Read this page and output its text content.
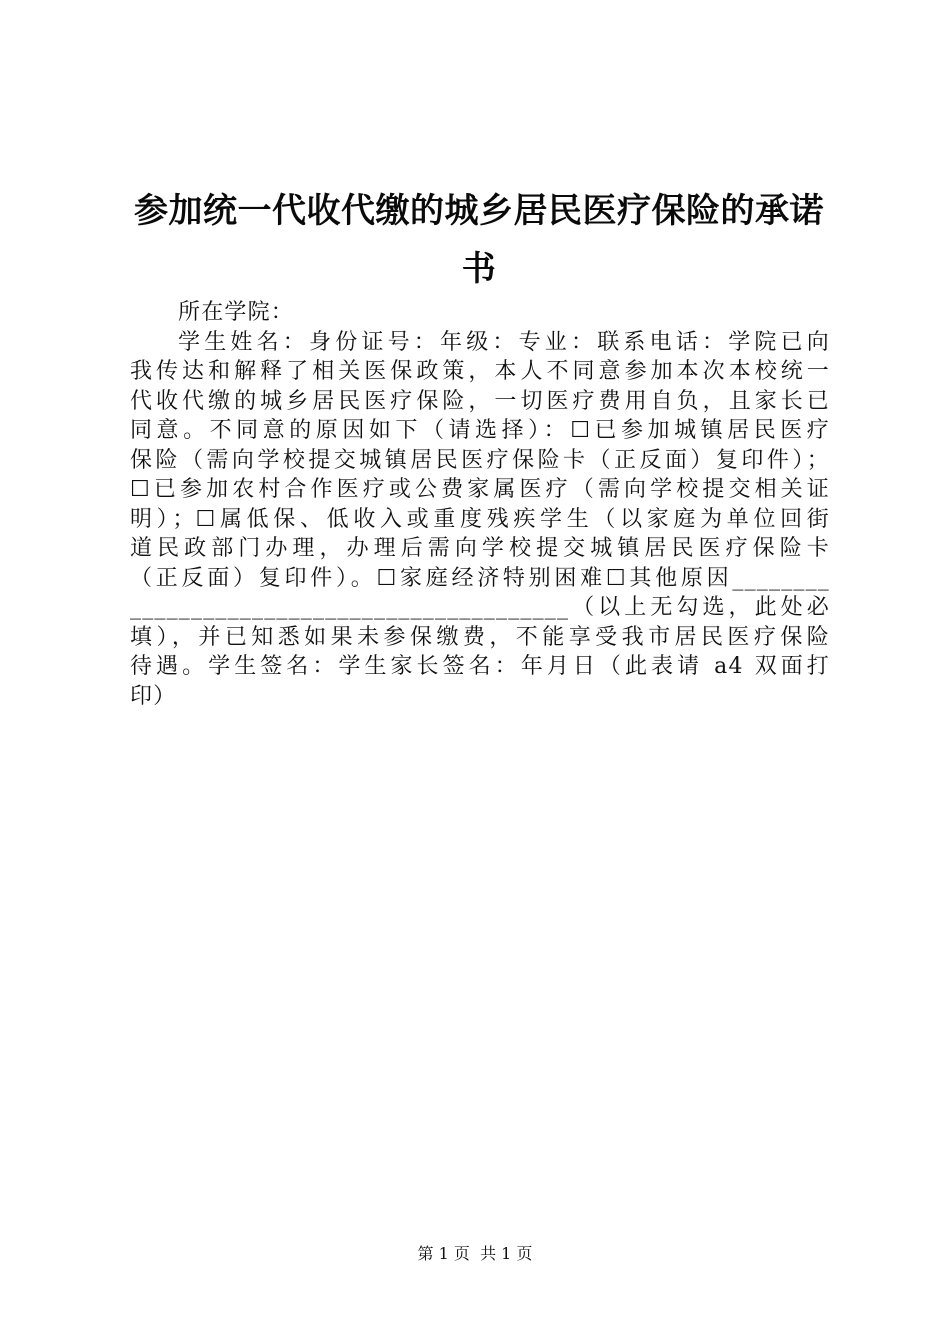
参加统一代收代缴的城乡居民医疗保险的承诺书
所在学院：
学生姓名：身份证号：年级：专业：联系电话：学院已向
我传达和解释了相关医保政策，本人不同意参加本次本校统一
代收代缴的城乡居民医疗保险，一切医疗费用自负，且家长已
同意。不同意的原因如下（请选择）：☐已参加城镇居民医疗
保险（需向学校提交城镇居民医疗保险卡（正反面）复印件）；
☐已参加农村合作医疗或公费家属医疗（需向学校提交相关证
明）；☐属低保、低收入或重度残疾学生（以家庭为单位回街
道民政部门办理，办理后需向学校提交城镇居民医疗保险卡
（正反面）复印件）。☐家庭经济特别困难☐其他原因________
____________________________________（以上无勾选，此处必
填），并已知悉如果未参保缴费，不能享受我市居民医疗保险
待遇。学生签名：学生家长签名：年月日（此表请 a4 双面打
印）
第 1 页  共 1 页
